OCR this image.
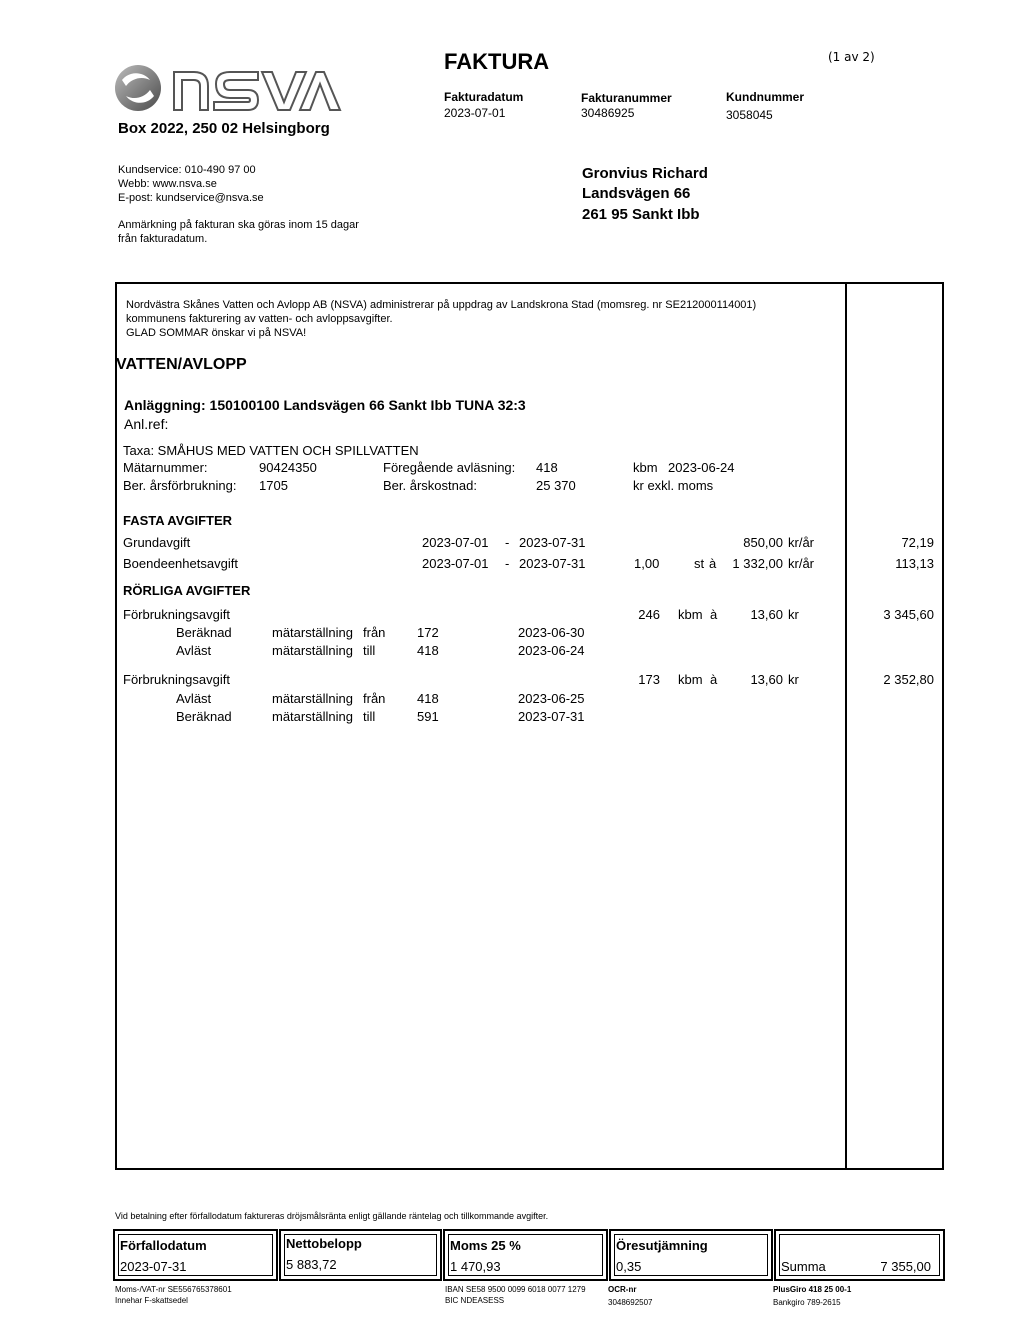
Box 2022, 250 02 Helsingborg
Kundservice: 010-490 97 00
Webb: www.nsva.se
E-post: kundservice@nsva.se
Anmärkning på fakturan ska göras inom 15 dagar
från fakturadatum.
FAKTURA	(1 av 2)
Fakturadatum
2023-07-01
Fakturanummer
30486925
Kundnummer
3058045
Gronvius Richard
Landsvägen 66
261 95 Sankt Ibb
Nordvästra Skånes Vatten och Avlopp AB (NSVA) administrerar på uppdrag av Landskrona Stad (momsreg. nr SE212000114001)
kommunens fakturering av vatten- och avloppsavgifter.
GLAD SOMMAR önskar vi på NSVA!
VATTEN/AVLOPP
Anläggning: 150100100 Landsvägen 66 Sankt Ibb TUNA 32:3
Anl.ref:
Taxa: SMÅHUS MED VATTEN OCH SPILLVATTEN
Mätarnummer:	90424350	Föregående avläsning: 418	kbm 2023-06-24
Ber. årsförbrukning: 1705	Ber. årskostnad:	25 370	kr exkl. moms
FASTA AVGIFTER
Grundavgift	2023-07-01 - 2023-07-31	850,00 kr/år	72,19
Boendeenhetsavgift	2023-07-01 - 2023-07-31	1,00	st à	1 332,00 kr/år	113,13
RÖRLIGA AVGIFTER
Förbrukningsavgift	246 kbm à	13,60 kr	3 345,60
Beräknad	mätarställning från 172	2023-06-30
Avläst	mätarställning till	418	2023-06-24
Förbrukningsavgift	173 kbm à	13,60 kr	2 352,80
Avläst	mätarställning från 418	2023-06-25
Beräknad	mätarställning till	591	2023-07-31
Vid betalning efter förfallodatum faktureras dröjsmålsränta enligt gällande räntelag och tillkommande avgifter.
Förfallodatum
2023-07-31
Nettobelopp
5 883,72
Moms 25 %
1 470,93
Öresutjämning
0,35	Summa	7 355,00
Moms-/VAT-nr SE556765378601
Innehar F-skattsedel
IBAN SE58 9500 0099 6018 0077 1279
BIC NDEASESS
OCR-nr
3048692507
PlusGiro 418 25 00-1
Bankgiro 789-2615
